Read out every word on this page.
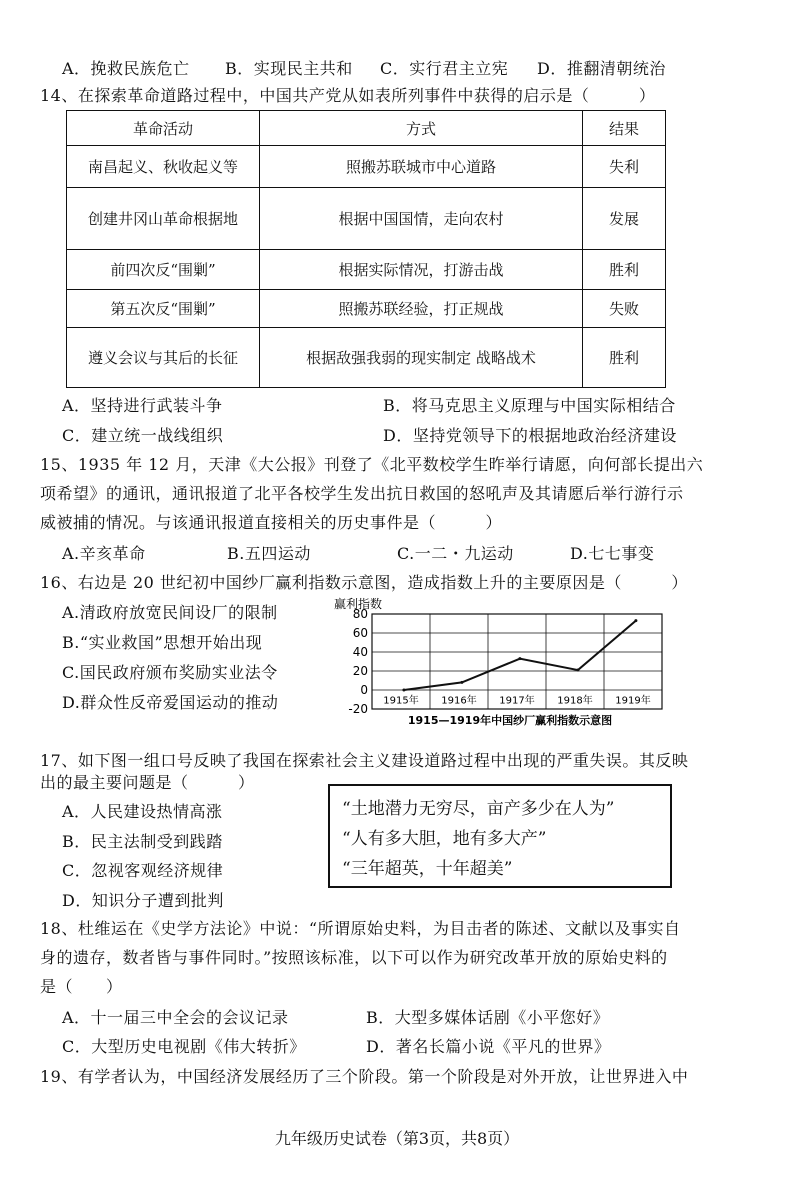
A．挽救民族危亡 B．实现民主共和 C．实行君主立宪 D．推翻清朝统治
14、在探索革命道路过程中，中国共产党从如表所列事件中获得的启示是（　　　）
革命活动	方式	结果
南昌起义、秋收起义等	照搬苏联城市中心道路	失利
创建井冈山革命根据地	根据中国国情，走向农村	发展
前四次反“围剿”	根据实际情况，打游击战	胜利
第五次反“围剿”	照搬苏联经验，打正规战	失败
遵义会议与其后的长征	根据敌强我弱的现实制定 战略战术	胜利
A．坚持进行武装斗争	B．将马克思主义原理与中国实际相结合
C．建立统一战线组织	D．坚持党领导下的根据地政治经济建设
15、1935 年 12 月，天津《大公报》刊登了《北平数校学生昨举行请愿，向何部长提出六
项希望》的通讯，通讯报道了北平各校学生发出抗日救国的怒吼声及其请愿后举行游行示
威被捕的情况。与该通讯报道直接相关的历史事件是（　　　）
A.辛亥革命	B.五四运动	C.一二・九运动	D.七七事变
16、右边是 20 世纪初中国纱厂赢利指数示意图，造成指数上升的主要原因是（　　　）
A.清政府放宽民间设厂的限制
B.“实业救国”思想开始出现
C.国民政府颁布奖励实业法令
D.群众性反帝爱国运动的推动
赢利指数
80
60
40
20
0
-20
1915年 1916年 1917年 1918年 1919年
1915—1919年中国纱厂赢利指数示意图
17、如下图一组口号反映了我国在探索社会主义建设道路过程中出现的严重失误。其反映
出的最主要问题是（　　　）
A．人民建设热情高涨
B．民主法制受到践踏
C．忽视客观经济规律
D．知识分子遭到批判
“土地潜力无穷尽，亩产多少在人为”
“人有多大胆，地有多大产”
“三年超英，十年超美”
18、杜维运在《史学方法论》中说：“所谓原始史料，为目击者的陈述、文献以及事实自
身的遗存，数者皆与事件同时。”按照该标准，以下可以作为研究改革开放的原始史料的
是（　　）
A．十一届三中全会的会议记录	B．大型多媒体话剧《小平您好》
C．大型历史电视剧《伟大转折》	D．著名长篇小说《平凡的世界》
19、有学者认为，中国经济发展经历了三个阶段。第一个阶段是对外开放，让世界进入中
九年级历史试卷（第3页，共8页）
